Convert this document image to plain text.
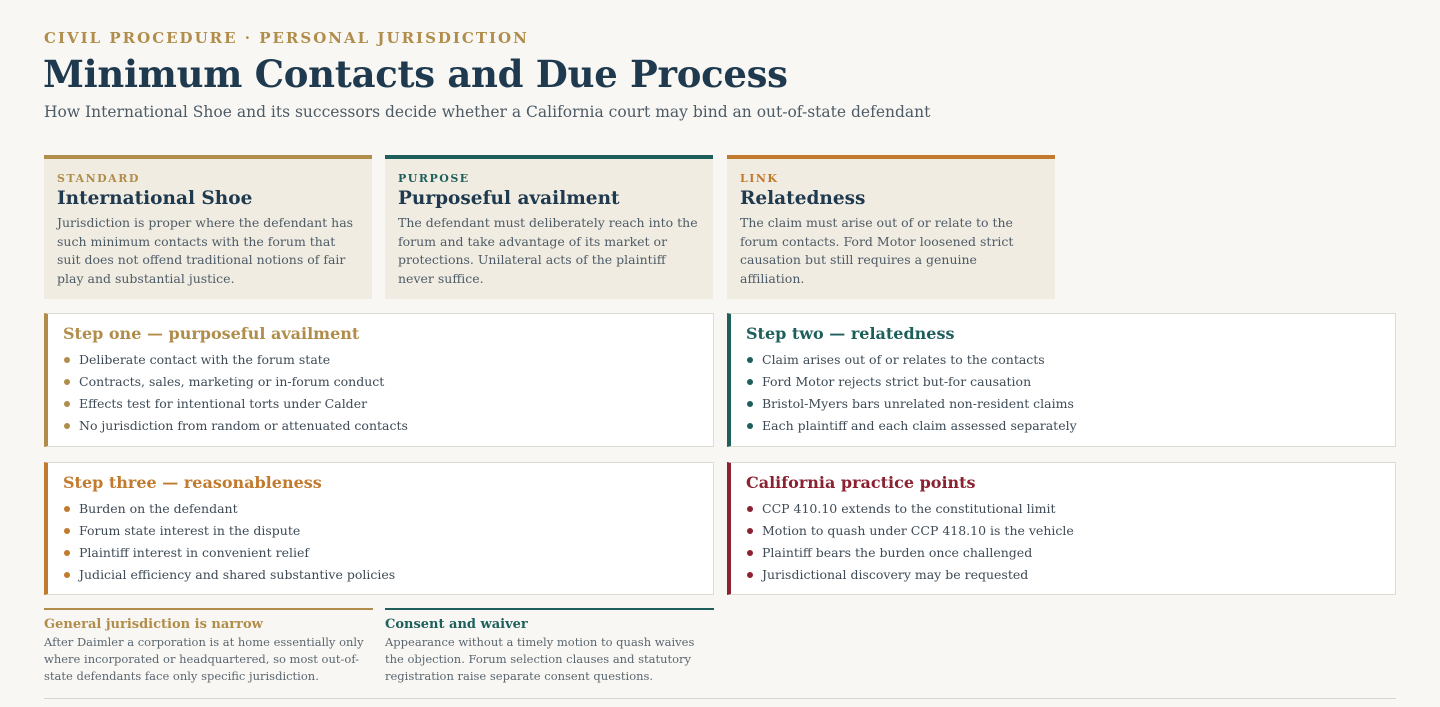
CIVIL PROCEDURE · PERSONAL JURISDICTION
Minimum Contacts and Due Process

How International Shoe and its successors decide whether a California court may bind an out-of-state defendant

STANDARD
International Shoe
Jurisdiction is proper where the defendant has such minimum contacts with the forum that suit does not offend traditional notions of fair play and substantial justice.
PURPOSE
Purposeful availment
The defendant must deliberately reach into the forum and take advantage of its market or protections. Unilateral acts of the plaintiff never suffice.
LINK
Relatedness
The claim must arise out of or relate to the forum contacts. Ford Motor loosened strict causation but still requires a genuine affiliation.
Step one — purposeful availment
Deliberate contact with the forum state
Contracts, sales, marketing or in-forum conduct
Effects test for intentional torts under Calder
No jurisdiction from random or attenuated contacts
Step two — relatedness
Claim arises out of or relates to the contacts
Ford Motor rejects strict but-for causation
Bristol-Myers bars unrelated non-resident claims
Each plaintiff and each claim assessed separately
Step three — reasonableness
Burden on the defendant
Forum state interest in the dispute
Plaintiff interest in convenient relief
Judicial efficiency and shared substantive policies
California practice points
CCP 410.10 extends to the constitutional limit
Motion to quash under CCP 418.10 is the vehicle
Plaintiff bears the burden once challenged
Jurisdictional discovery may be requested
General jurisdiction is narrow
After Daimler a corporation is at home essentially only where incorporated or headquartered, so most out-of-state defendants face only specific jurisdiction.
Consent and waiver
Appearance without a timely motion to quash waives the objection. Forum selection clauses and statutory registration raise separate consent questions.
